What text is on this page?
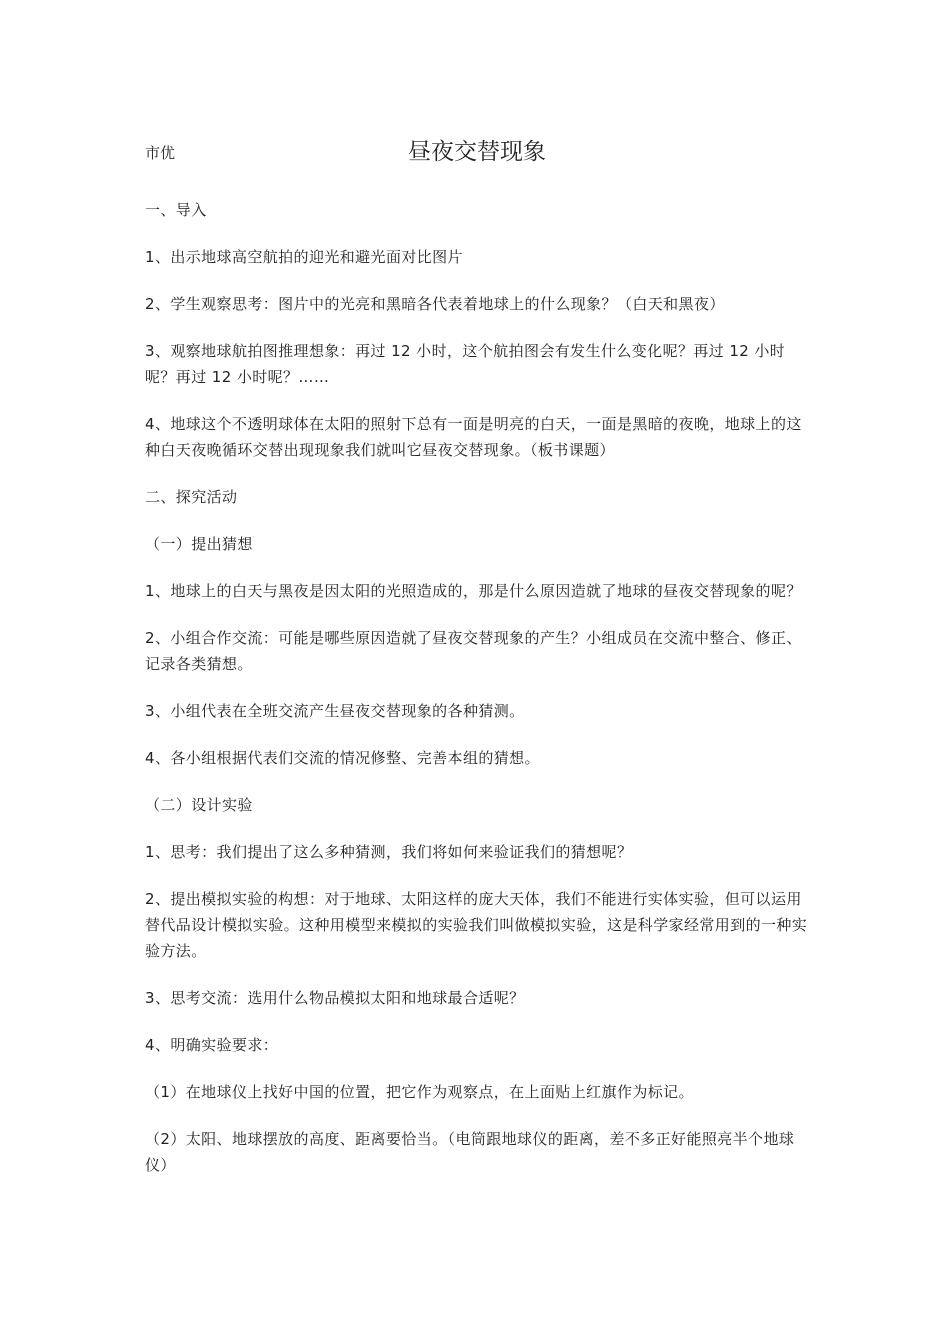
市优	昼夜交替现象

一、导入

1、出示地球高空航拍的迎光和避光面对比图片

2、学生观察思考：图片中的光亮和黑暗各代表着地球上的什么现象？（白天和黑夜）

3、观察地球航拍图推理想象：再过 12 小时，这个航拍图会有发生什么变化呢？再过 12 小时呢？再过 12 小时呢？……

4、地球这个不透明球体在太阳的照射下总有一面是明亮的白天，一面是黑暗的夜晚，地球上的这种白天夜晚循环交替出现现象我们就叫它昼夜交替现象。（板书课题）

二、探究活动

（一）提出猜想

1、地球上的白天与黑夜是因太阳的光照造成的，那是什么原因造就了地球的昼夜交替现象的呢？

2、小组合作交流：可能是哪些原因造就了昼夜交替现象的产生？小组成员在交流中整合、修正、记录各类猜想。

3、小组代表在全班交流产生昼夜交替现象的各种猜测。

4、各小组根据代表们交流的情况修整、完善本组的猜想。

（二）设计实验

1、思考：我们提出了这么多种猜测，我们将如何来验证我们的猜想呢？

2、提出模拟实验的构想：对于地球、太阳这样的庞大天体，我们不能进行实体实验，但可以运用替代品设计模拟实验。这种用模型来模拟的实验我们叫做模拟实验，这是科学家经常用到的一种实验方法。

3、思考交流：选用什么物品模拟太阳和地球最合适呢？

4、明确实验要求：

（1）在地球仪上找好中国的位置，把它作为观察点，在上面贴上红旗作为标记。

（2）太阳、地球摆放的高度、距离要恰当。（电筒跟地球仪的距离，差不多正好能照亮半个地球仪）
